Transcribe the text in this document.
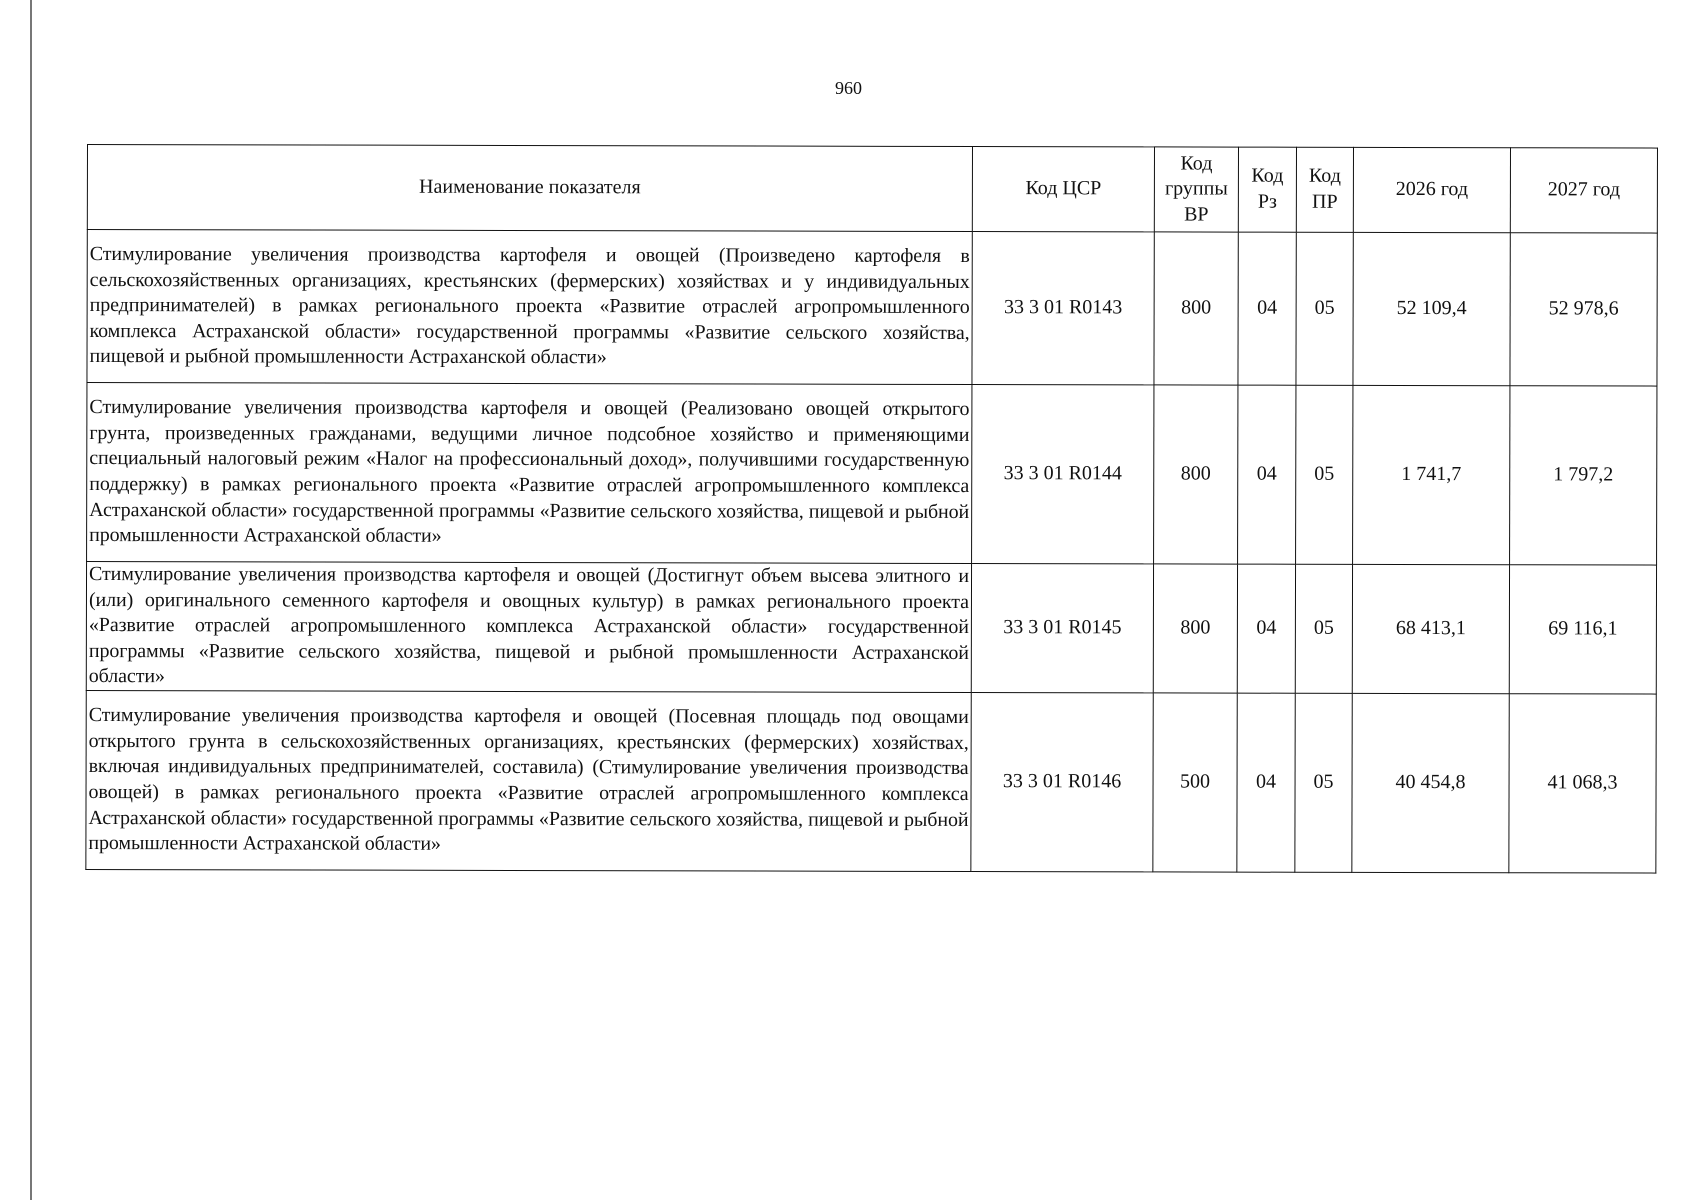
960
Наименование показателя	Код ЦСР	Код группы ВР	Код Рз	Код ПР	2026 год	2027 год
Стимулирование увеличения производства картофеля и овощей (Произведено картофеля в сельскохозяйственных организациях, крестьянских (фермерских) хозяйствах и у индивидуальных предпринимателей) в рамках регионального проекта «Развитие отраслей агропромышленного комплекса Астраханской области» государственной программы «Развитие сельского хозяйства, пищевой и рыбной промышленности Астраханской области»	33 3 01 R0143	800	04	05	52 109,4	52 978,6
Стимулирование увеличения производства картофеля и овощей (Реализовано овощей открытого грунта, произведенных гражданами, ведущими личное подсобное хозяйство и применяющими специальный налоговый режим «Налог на профессиональный доход», получившими государственную поддержку) в рамках регионального проекта «Развитие отраслей агропромышленного комплекса Астраханской области» государственной программы «Развитие сельского хозяйства, пищевой и рыбной промышленности Астраханской области»	33 3 01 R0144	800	04	05	1 741,7	1 797,2
Стимулирование увеличения производства картофеля и овощей (Достигнут объем высева элитного и (или) оригинального семенного картофеля и овощных культур) в рамках регионального проекта «Развитие отраслей агропромышленного комплекса Астраханской области» государственной программы «Развитие сельского хозяйства, пищевой и рыбной промышленности Астраханской области»	33 3 01 R0145	800	04	05	68 413,1	69 116,1
Стимулирование увеличения производства картофеля и овощей (Посевная площадь под овощами открытого грунта в сельскохозяйственных организациях, крестьянских (фермерских) хозяйствах, включая индивидуальных предпринимателей, составила) (Стимулирование увеличения производства овощей) в рамках регионального проекта «Развитие отраслей агропромышленного комплекса Астраханской области» государственной программы «Развитие сельского хозяйства, пищевой и рыбной промышленности Астраханской области»	33 3 01 R0146	500	04	05	40 454,8	41 068,3
